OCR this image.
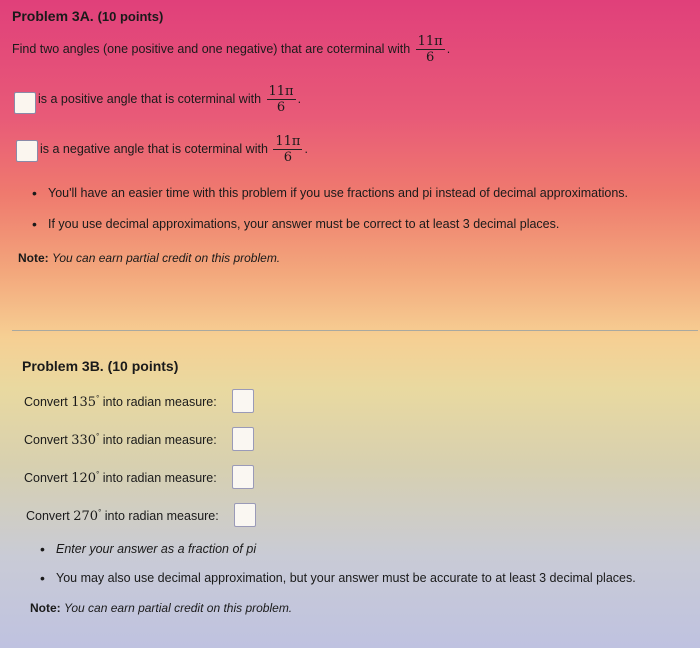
Problem 3A. (10 points)
Find two angles (one positive and one negative) that are coterminal with $\frac{11\pi}{6}$ .
is a positive angle that is coterminal with $\frac{11\pi}{6}$ .
is a negative angle that is coterminal with $\frac{11\pi}{6}$ .
• You'll have an easier time with this problem if you use fractions and pi instead of decimal approximations.
• If you use decimal approximations, your answer must be correct to at least 3 decimal places.
Note: You can earn partial credit on this problem.
Problem 3B. (10 points)
Convert 135° into radian measure:
Convert 330° into radian measure:
Convert 120° into radian measure:
Convert 270° into radian measure:
• Enter your answer as a fraction of pi
• You may also use decimal approximation, but your answer must be accurate to at least 3 decimal places.
Note: You can earn partial credit on this problem.
